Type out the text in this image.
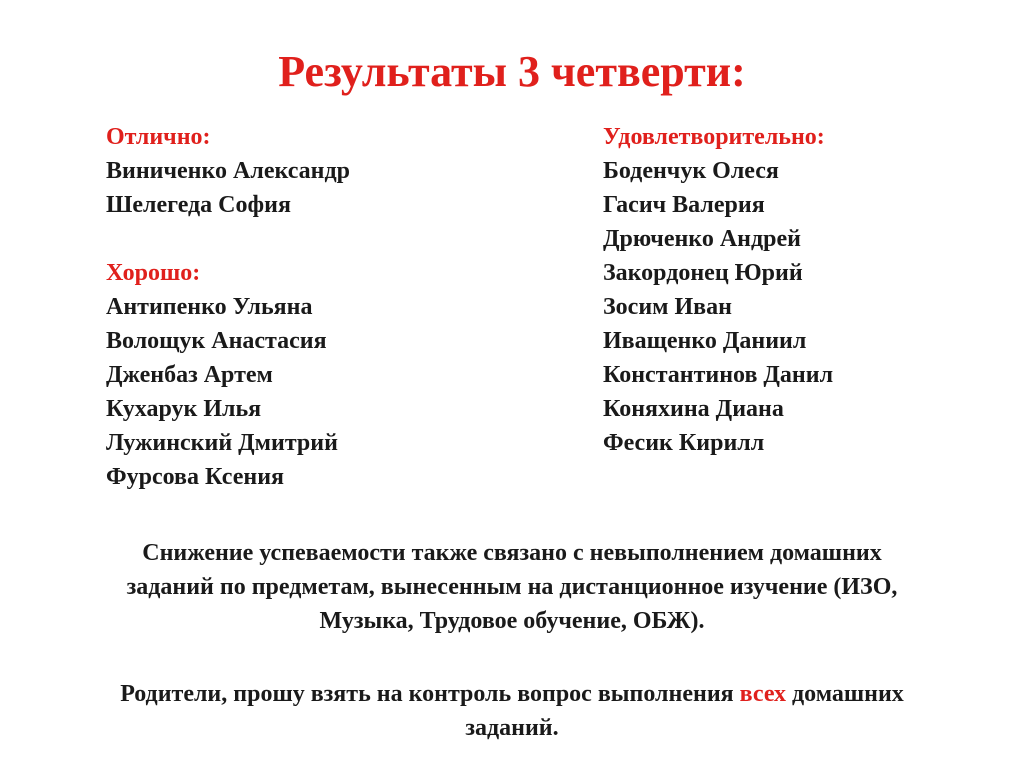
Результаты 3 четверти:
Отлично:
Виниченко Александр
Шелегеда София
Хорошо:
Антипенко Ульяна
Волощук Анастасия
Дженбаз Артем
Кухарук Илья
Лужинский Дмитрий
Фурсова Ксения
Удовлетворительно:
Боденчук Олеся
Гасич Валерия
Дрюченко Андрей
Закордонец Юрий
Зосим Иван
Иващенко Даниил
Константинов Данил
Коняхина Диана
Фесик Кирилл
Снижение успеваемости также связано с невыполнением домашних
заданий по предметам, вынесенным на дистанционное изучение (ИЗО,
Музыка, Трудовое обучение, ОБЖ).
Родители, прошу взять на контроль вопрос выполнения всех домашних
заданий.
